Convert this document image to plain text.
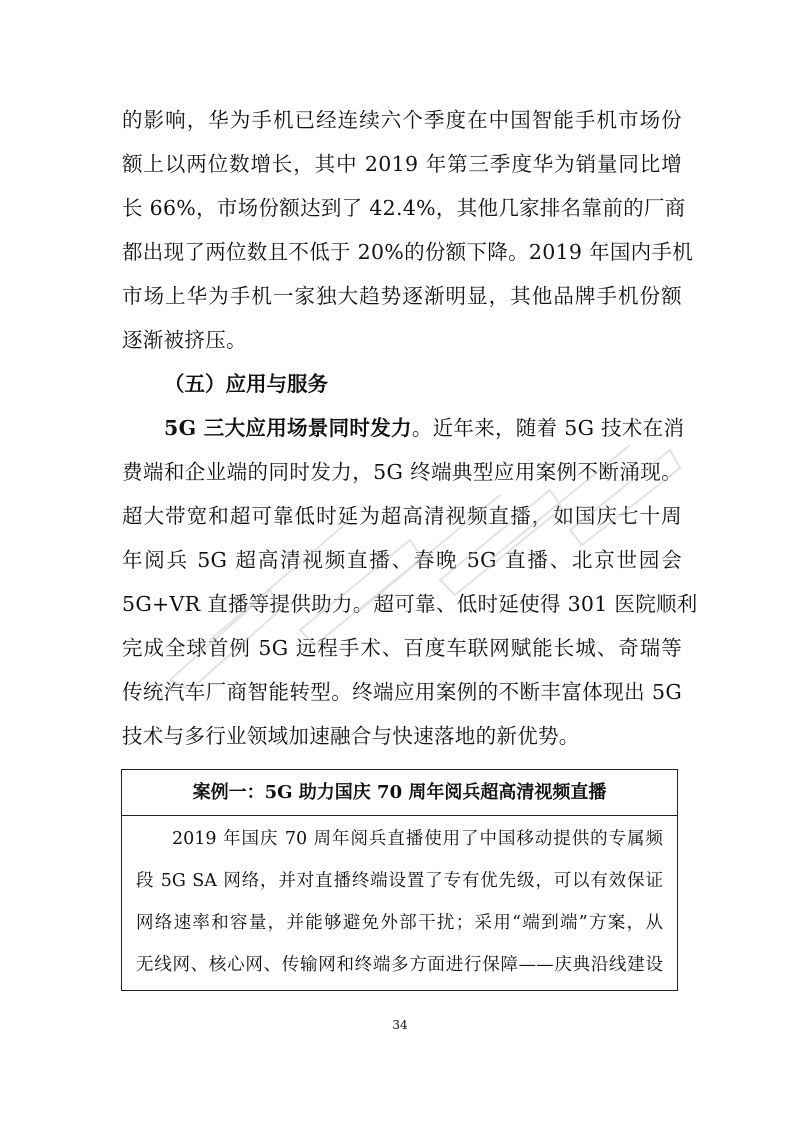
的影响，华为手机已经连续六个季度在中国智能手机市场份
额上以两位数增长，其中 2019 年第三季度华为销量同比增
长 66%，市场份额达到了 42.4%，其他几家排名靠前的厂商
都出现了两位数且不低于 20%的份额下降。2019 年国内手机
市场上华为手机一家独大趋势逐渐明显，其他品牌手机份额
逐渐被挤压。
（五）应用与服务
5G 三大应用场景同时发力。近年来，随着 5G 技术在消
费端和企业端的同时发力，5G 终端典型应用案例不断涌现。
超大带宽和超可靠低时延为超高清视频直播，如国庆七十周
年阅兵 5G 超高清视频直播、春晚 5G 直播、北京世园会
5G+VR 直播等提供助力。超可靠、低时延使得 301 医院顺利
完成全球首例 5G 远程手术、百度车联网赋能长城、奇瑞等
传统汽车厂商智能转型。终端应用案例的不断丰富体现出 5G
技术与多行业领域加速融合与快速落地的新优势。
案例一：5G 助力国庆 70 周年阅兵超高清视频直播
2019 年国庆 70 周年阅兵直播使用了中国移动提供的专属频
段 5G SA 网络，并对直播终端设置了专有优先级，可以有效保证
网络速率和容量，并能够避免外部干扰；采用“端到端”方案，从
无线网、核心网、传输网和终端多方面进行保障——庆典沿线建设
34
